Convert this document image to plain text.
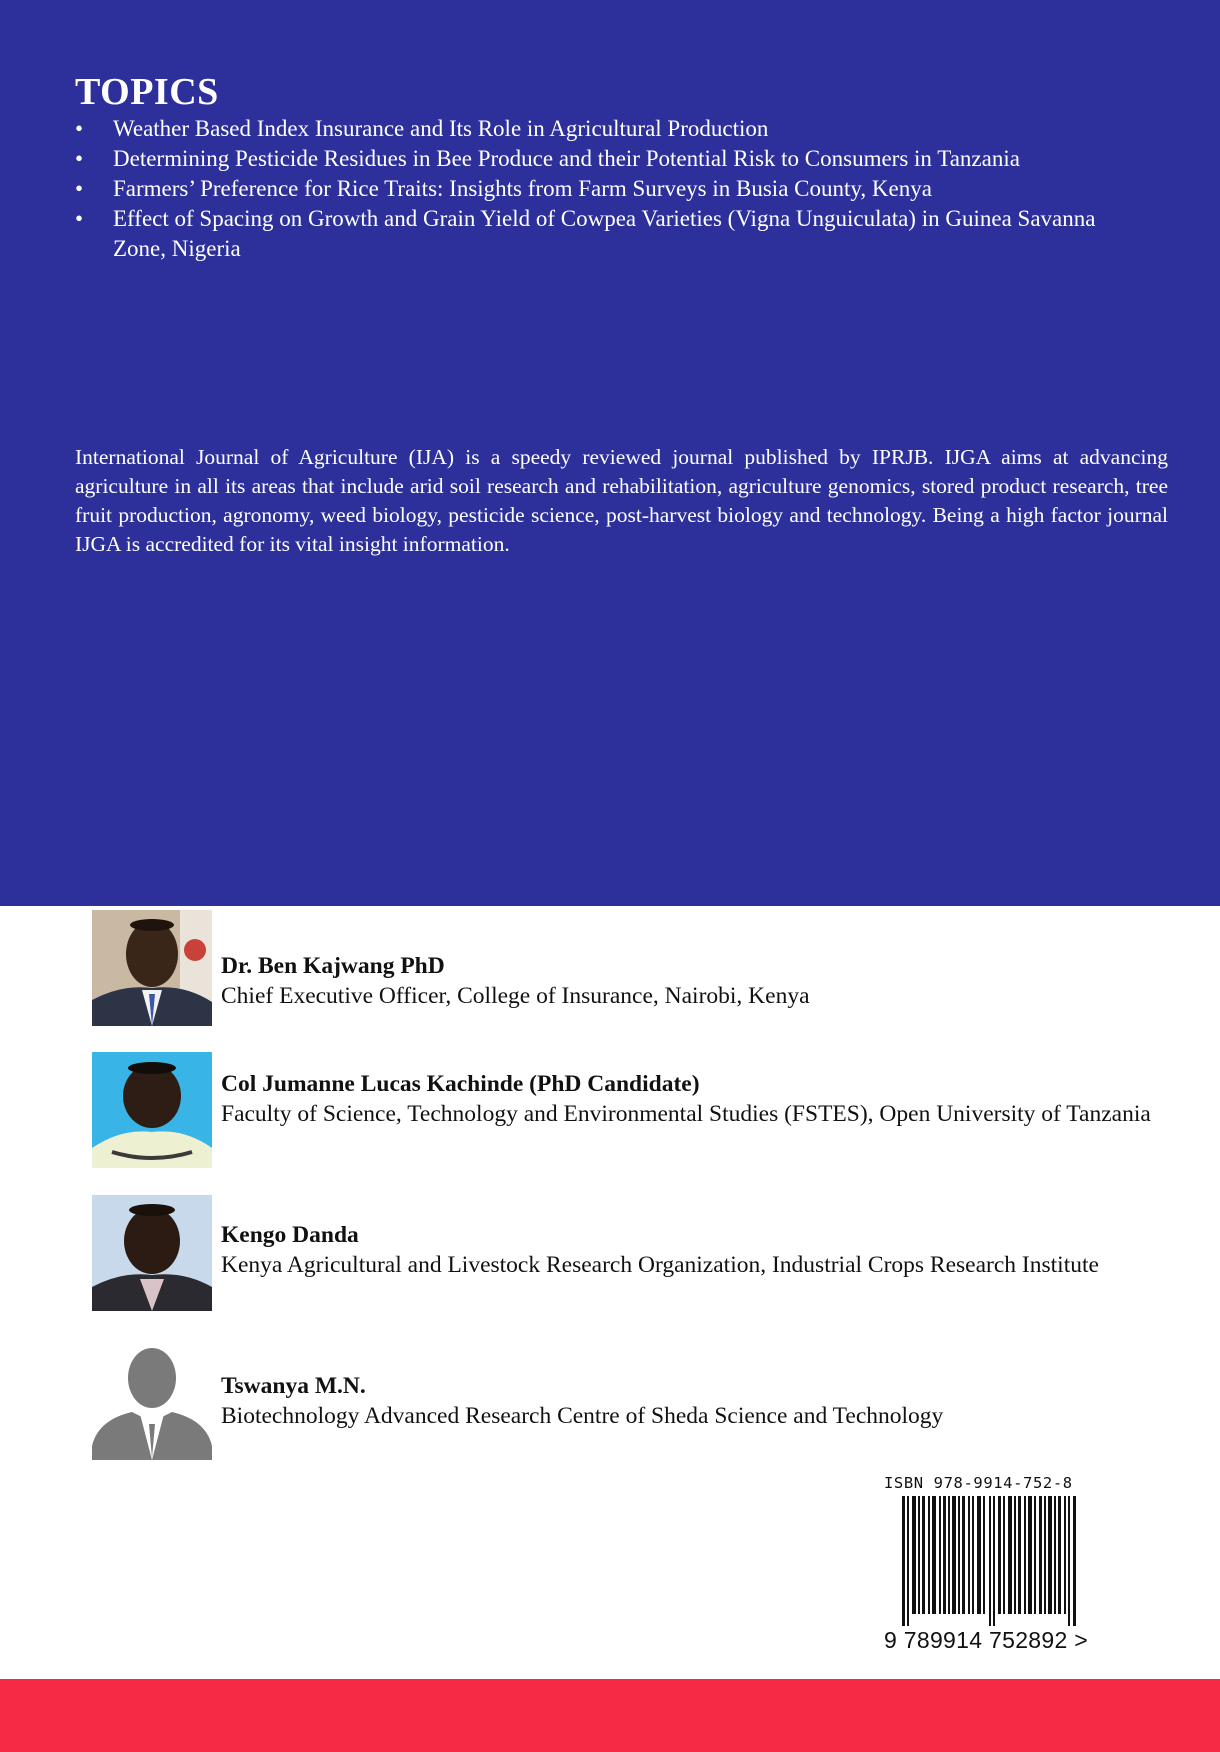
TOPICS
• Weather Based Index Insurance and Its Role in Agricultural Production
• Determining Pesticide Residues in Bee Produce and their Potential Risk to Consumers in Tanzania
• Farmers’ Preference for Rice Traits: Insights from Farm Surveys in Busia County, Kenya
• Effect of Spacing on Growth and Grain Yield of Cowpea Varieties (Vigna Unguiculata) in Guinea Savanna Zone, Nigeria

International Journal of Agriculture (IJA) is a speedy reviewed journal published by IPRJB. IJGA aims at advancing agriculture in all its areas that include arid soil research and rehabilitation, agriculture genomics, stored product research, tree fruit production, agronomy, weed biology, pesticide science, post-harvest biology and technology. Being a high factor journal IJGA is accredited for its vital insight information.

Dr. Ben Kajwang PhD
Chief Executive Officer, College of Insurance, Nairobi, Kenya
Col Jumanne Lucas Kachinde (PhD Candidate)
Faculty of Science, Technology and Environmental Studies (FSTES), Open University of Tanzania
Kengo Danda
Kenya Agricultural and Livestock Research Organization, Industrial Crops Research Institute
Tswanya M.N.
Biotechnology Advanced Research Centre of Sheda Science and Technology
ISBN 978-9914-752-8
9 789914 752892 >
